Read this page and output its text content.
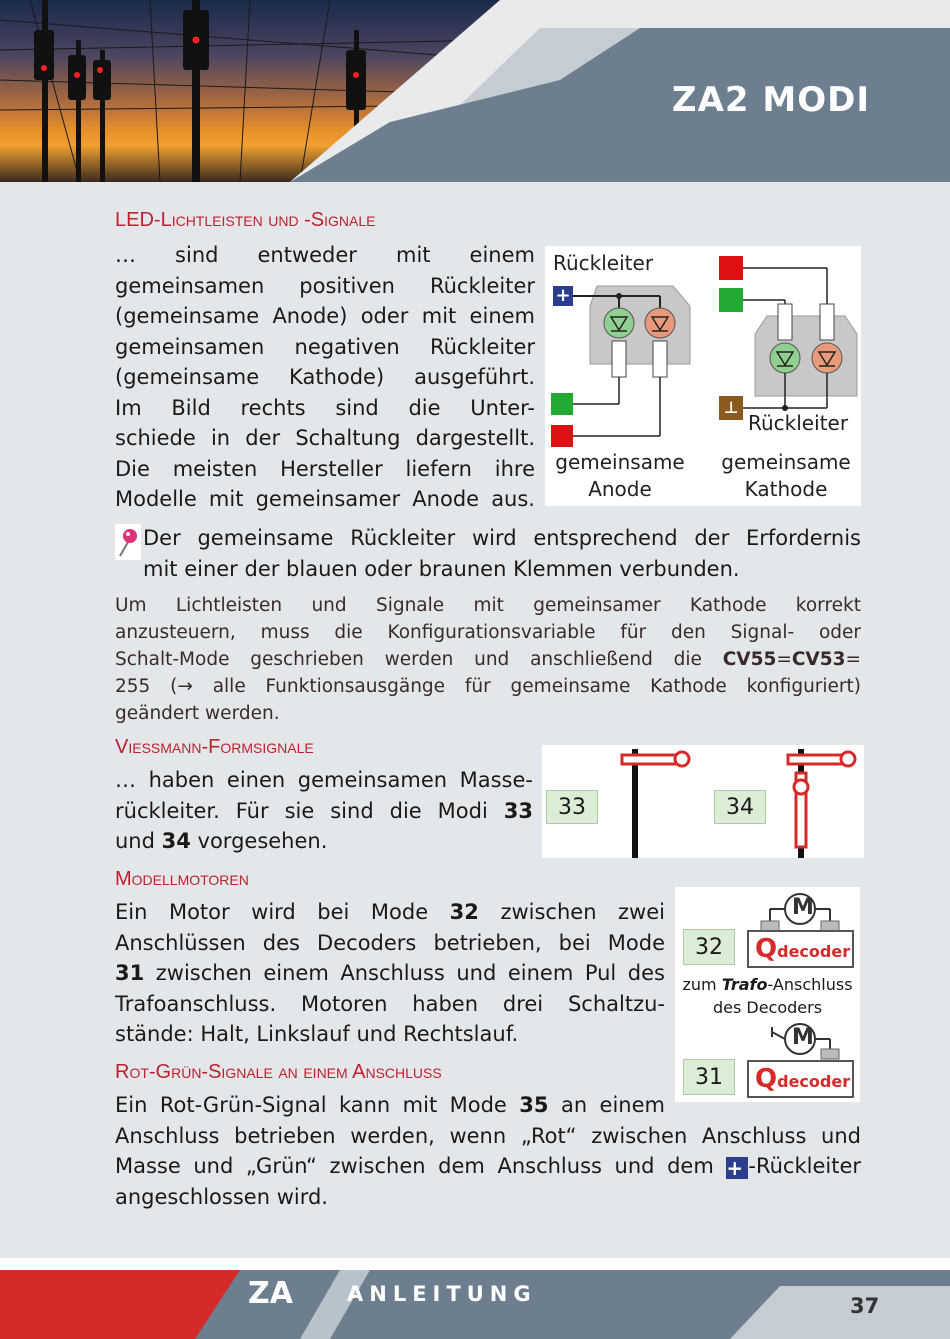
ZA2 MODI
LED-Lichtleisten und -Signale
… sind entweder mit einem
gemeinsamen positiven Rückleiter
(gemeinsame Anode) oder mit einem
gemeinsamen negativen Rückleiter
(gemeinsame Kathode) ausgeführt.
Im Bild rechts sind die Unter-
schiede in der Schaltung dargestellt.
Die meisten Hersteller liefern ihre
Modelle mit gemeinsamer Anode aus.
+
⊥
Rückleiter
Rückleiter
gemeinsame
Anode
gemeinsame
Kathode
Der gemeinsame Rückleiter wird entsprechend der Erfordernis
mit einer der blauen oder braunen Klemmen verbunden.
Um Lichtleisten und Signale mit gemeinsamer Kathode korrekt
anzusteuern, muss die Konfigurationsvariable für den Signal- oder
Schalt-Mode geschrieben werden und anschließend die CV55=CV53=
255 (→ alle Funktionsausgänge für gemeinsame Kathode konfiguriert)
geändert werden.
Viessmann-Formsignale
… haben einen gemeinsamen Masse-
rückleiter. Für sie sind die Modi 33
und 34 vorgesehen.
33	34
Modellmotoren
Ein Motor wird bei Mode 32 zwischen zwei
Anschlüssen des Decoders betrieben, bei Mode
31 zwischen einem Anschluss und einem Pul des
Trafoanschluss. Motoren haben drei Schaltzu-
stände: Halt, Linkslauf und Rechtslauf.
M
M
Qdecoder
Qdecoder
32
31
zum Trafo-Anschluss
des Decoders
Rot-Grün-Signale an einem Anschluss
Ein Rot-Grün-Signal kann mit Mode 35 an einem
Anschluss betrieben werden, wenn „Rot“ zwischen Anschluss und
Masse und „Grün“ zwischen dem Anschluss und dem + -Rückleiter
angeschlossen wird.
ZA	ANLEITUNG	37
